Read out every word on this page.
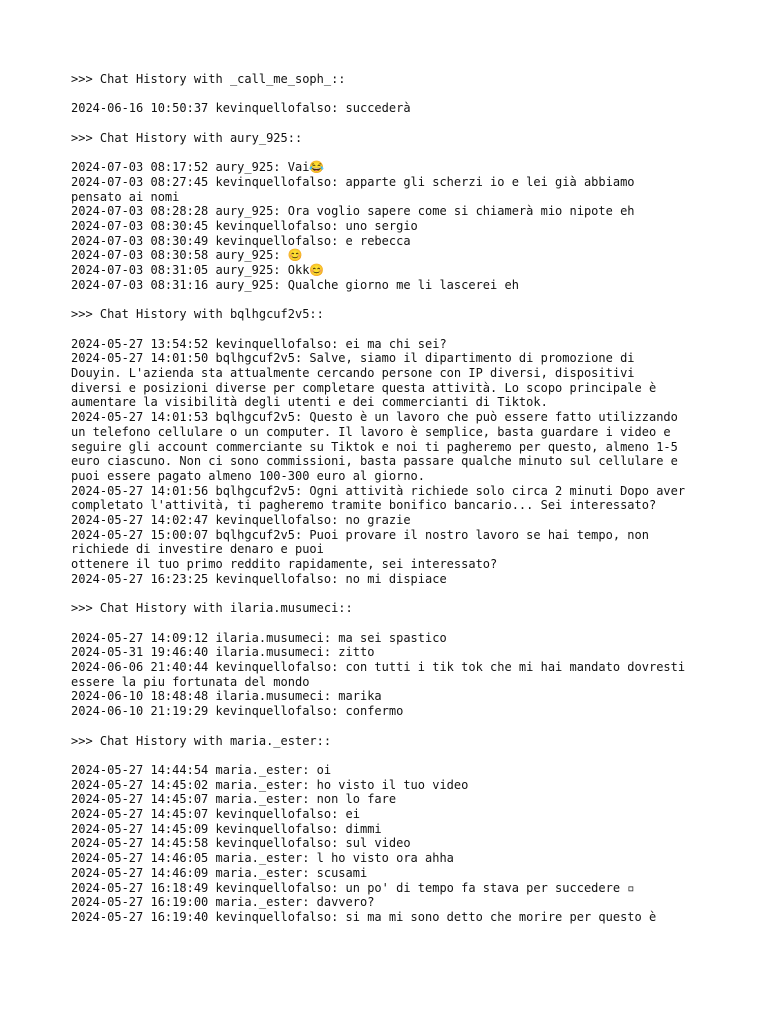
>>> Chat History with _call_me_soph_::
2024-06-16 10:50:37 kevinquellofalso: succederà
>>> Chat History with aury_925::
2024-07-03 08:17:52 aury_925: Vai😂
2024-07-03 08:27:45 kevinquellofalso: apparte gli scherzi io e lei già abbiamo pensato ai nomi
2024-07-03 08:28:28 aury_925: Ora voglio sapere come si chiamerà mio nipote eh
2024-07-03 08:30:45 kevinquellofalso: uno sergio
2024-07-03 08:30:49 kevinquellofalso: e rebecca
2024-07-03 08:30:58 aury_925: 😊
2024-07-03 08:31:05 aury_925: Okk😊
2024-07-03 08:31:16 aury_925: Qualche giorno me li lascerei eh
>>> Chat History with bqlhgcuf2v5::
2024-05-27 13:54:52 kevinquellofalso: ei ma chi sei?
2024-05-27 14:01:50 bqlhgcuf2v5: Salve, siamo il dipartimento di promozione di Douyin. L'azienda sta attualmente cercando persone con IP diversi, dispositivi diversi e posizioni diverse per completare questa attività. Lo scopo principale è aumentare la visibilità degli utenti e dei commercianti di Tiktok.
2024-05-27 14:01:53 bqlhgcuf2v5: Questo è un lavoro che può essere fatto utilizzando un telefono cellulare o un computer. Il lavoro è semplice, basta guardare i video e seguire gli account commerciante su Tiktok e noi ti pagheremo per questo, almeno 1-5 euro ciascuno. Non ci sono commissioni, basta passare qualche minuto sul cellulare e puoi essere pagato almeno 100-300 euro al giorno.
2024-05-27 14:01:56 bqlhgcuf2v5: Ogni attività richiede solo circa 2 minuti Dopo aver completato l'attività, ti pagheremo tramite bonifico bancario... Sei interessato?
2024-05-27 14:02:47 kevinquellofalso: no grazie
2024-05-27 15:00:07 bqlhgcuf2v5: Puoi provare il nostro lavoro se hai tempo, non richiede di investire denaro e puoi
ottenere il tuo primo reddito rapidamente, sei interessato?
2024-05-27 16:23:25 kevinquellofalso: no mi dispiace
>>> Chat History with ilaria.musumeci::
2024-05-27 14:09:12 ilaria.musumeci: ma sei spastico
2024-05-31 19:46:40 ilaria.musumeci: zitto
2024-06-06 21:40:44 kevinquellofalso: con tutti i tik tok che mi hai mandato dovresti essere la piu fortunata del mondo
2024-06-10 18:48:48 ilaria.musumeci: marika
2024-06-10 21:19:29 kevinquellofalso: confermo
>>> Chat History with maria._ester::
2024-05-27 14:44:54 maria._ester: oi
2024-05-27 14:45:02 maria._ester: ho visto il tuo video
2024-05-27 14:45:07 maria._ester: non lo fare
2024-05-27 14:45:07 kevinquellofalso: ei
2024-05-27 14:45:09 kevinquellofalso: dimmi
2024-05-27 14:45:58 kevinquellofalso: sul video
2024-05-27 14:46:05 maria._ester: l ho visto ora ahha
2024-05-27 14:46:09 maria._ester: scusami
2024-05-27 16:18:49 kevinquellofalso: un po' di tempo fa stava per succedere ▫
2024-05-27 16:19:00 maria._ester: davvero?
2024-05-27 16:19:40 kevinquellofalso: si ma mi sono detto che morire per questo è
